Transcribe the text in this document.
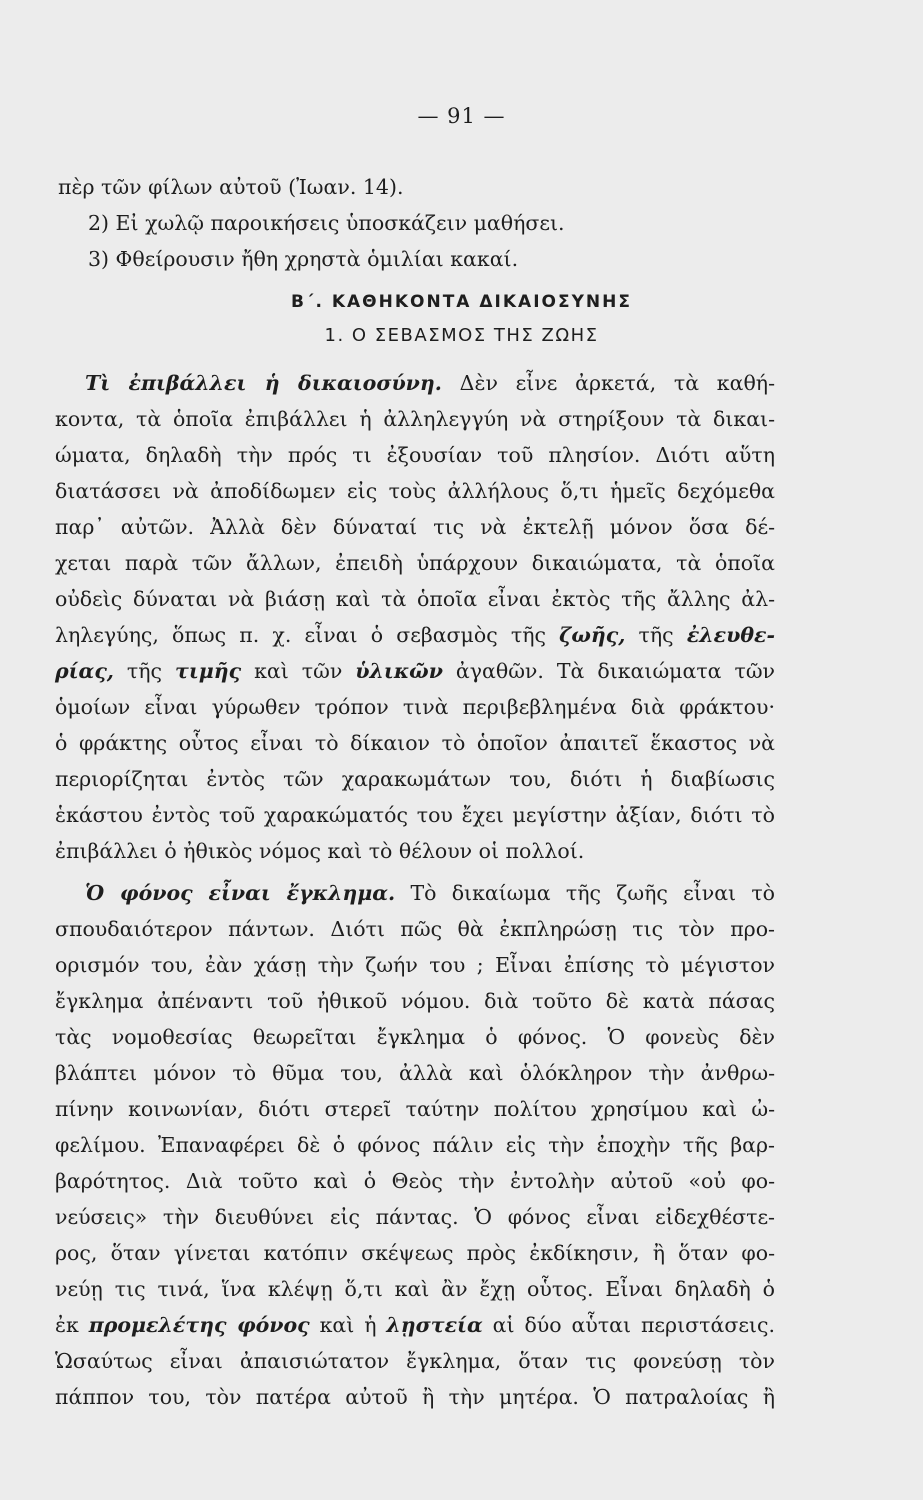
— 91 —
πὲρ τῶν φίλων αὐτοῦ (Ἰωαν. 14).
2) Εἰ χωλῷ παροικήσεις ὑποσκάζειν μαθήσει.
3) Φθείρουσιν ἤθη χρηστὰ ὁμιλίαι κακαί.
Β΄. ΚΑΘΗΚΟΝΤΑ ΔΙΚΑΙΟΣΥΝΗΣ
1. Ο ΣΕΒΑΣΜΟΣ ΤΗΣ ΖΩΗΣ
Τὶ ἐπιβάλλει ἡ δικαιοσύνη. Δὲν εἶνε ἀρκετά, τὰ καθή-
κοντα, τὰ ὁποῖα ἐπιβάλλει ἡ ἀλληλεγγύη νὰ στηρίξουν τὰ δικαι-
ώματα, δηλαδὴ τὴν πρός τι ἐξουσίαν τοῦ πλησίον. Διότι αὕτη
διατάσσει νὰ ἀποδίδωμεν εἰς τοὺς ἀλλήλους ὅ,τι ἡμεῖς δεχόμεθα
παρ᾽ αὐτῶν. Ἀλλὰ δὲν δύναταί τις νὰ ἐκτελῇ μόνον ὅσα δέ-
χεται παρὰ τῶν ἄλλων, ἐπειδὴ ὑπάρχουν δικαιώματα, τὰ ὁποῖα
οὐδεὶς δύναται νὰ βιάσῃ καὶ τὰ ὁποῖα εἶναι ἐκτὸς τῆς ἄλλης ἀλ-
ληλεγύης, ὅπως π. χ. εἶναι ὁ σεβασμὸς τῆς ζωῆς, τῆς ἐλευθε-
ρίας, τῆς τιμῆς καὶ τῶν ὑλικῶν ἀγαθῶν. Τὰ δικαιώματα τῶν
ὁμοίων εἶναι γύρωθεν τρόπον τινὰ περιβεβλημένα διὰ φράκτου·
ὁ φράκτης οὗτος εἶναι τὸ δίκαιον τὸ ὁποῖον ἀπαιτεῖ ἕκαστος νὰ
περιορίζηται ἐντὸς τῶν χαρακωμάτων του, διότι ἡ διαβίωσις
ἑκάστου ἐντὸς τοῦ χαρακώματός του ἔχει μεγίστην ἀξίαν, διότι τὸ
ἐπιβάλλει ὁ ἠθικὸς νόμος καὶ τὸ θέλουν οἱ πολλοί.
Ὁ φόνος εἶναι ἔγκλημα. Τὸ δικαίωμα τῆς ζωῆς εἶναι τὸ
σπουδαιότερον πάντων. Διότι πῶς θὰ ἐκπληρώσῃ τις τὸν προ-
ορισμόν του, ἐὰν χάσῃ τὴν ζωήν του ; Εἶναι ἐπίσης τὸ μέγιστον
ἔγκλημα ἀπέναντι τοῦ ἠθικοῦ νόμου. διὰ τοῦτο δὲ κατὰ πάσας
τὰς νομοθεσίας θεωρεῖται ἔγκλημα ὁ φόνος. Ὁ φονεὺς δὲν
βλάπτει μόνον τὸ θῦμα του, ἀλλὰ καὶ ὁλόκληρον τὴν ἀνθρω-
πίνην κοινωνίαν, διότι στερεῖ ταύτην πολίτου χρησίμου καὶ ὠ-
φελίμου. Ἐπαναφέρει δὲ ὁ φόνος πάλιν εἰς τὴν ἐποχὴν τῆς βαρ-
βαρότητος. Διὰ τοῦτο καὶ ὁ Θεὸς τὴν ἐντολὴν αὐτοῦ «οὐ φο-
νεύσεις» τὴν διευθύνει εἰς πάντας. Ὁ φόνος εἶναι εἰδεχθέστε-
ρος, ὅταν γίνεται κατόπιν σκέψεως πρὸς ἐκδίκησιν, ἢ ὅταν φο-
νεύῃ τις τινά, ἵνα κλέψῃ ὅ,τι καὶ ἂν ἔχῃ οὗτος. Εἶναι δηλαδὴ ὁ
ἐκ προμελέτης φόνος καὶ ἡ λῃστεία αἱ δύο αὗται περιστάσεις.
Ὡσαύτως εἶναι ἀπαισιώτατον ἔγκλημα, ὅταν τις φονεύσῃ τὸν
πάππον του, τὸν πατέρα αὐτοῦ ἢ τὴν μητέρα. Ὁ πατραλοίας ἢ
